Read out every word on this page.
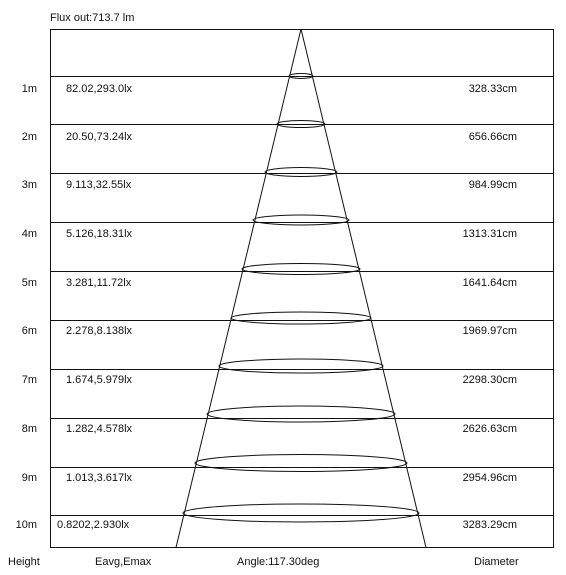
Flux out:713.7 lm
1m	82.02,293.0lx	328.33cm
2m	20.50,73.24lx	656.66cm
3m	9.113,32.55lx	984.99cm
4m	5.126,18.31lx	1313.31cm
5m	3.281,11.72lx	1641.64cm
6m	2.278,8.138lx	1969.97cm
7m	1.674,5.979lx	2298.30cm
8m	1.282,4.578lx	2626.63cm
9m	1.013,3.617lx	2954.96cm
10m 0.8202,2.930lx	3283.29cm
Height	Eavg,Emax	Angle:117.30deg	Diameter
